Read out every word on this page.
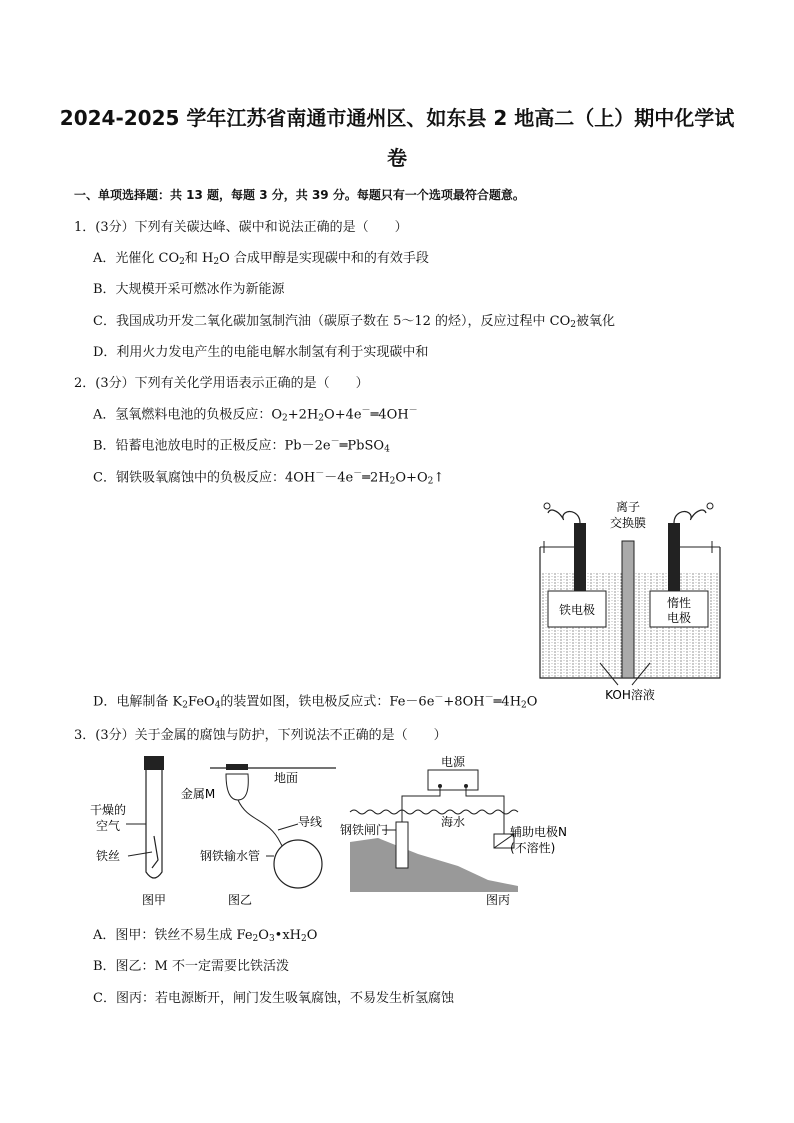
2024-2025 学年江苏省南通市通州区、如东县 2 地高二（上）期中化学试
卷
一、单项选择题：共 13 题，每题 3 分，共 39 分。每题只有一个选项最符合题意。
1．(3分）下列有关碳达峰、碳中和说法正确的是（　　）
A．光催化 $CO_2$和 $H_2O$ 合成甲醇是实现碳中和的有效手段
B．大规模开采可燃冰作为新能源
C．我国成功开发二氧化碳加氢制汽油（碳原子数在 5～12 的烃），反应过程中 $CO_2$被氧化
D．利用火力发电产生的电能电解水制氢有利于实现碳中和
2．(3分）下列有关化学用语表示正确的是（　　）
A．氢氧燃料电池的负极反应：$O_2+2H_2O+4e^-═4OH^-$
B．铅蓄电池放电时的正极反应：Pb－2e－═PbSO$_4$
C．钢铁吸氧腐蚀中的负极反应：$4OH^--4e^-═2H_2O+O_2↑$
离子
交换膜
铁电极	惰性
电极
KOH溶液
D．电解制备 $K_2FeO_4$的装置如图，铁电极反应式：$Fe-6e^-+8OH^-═4H_2O$
3．(3分）关于金属的腐蚀与防护，下列说法不正确的是（　　）
干燥的
空气
铁丝
图甲
金属M
地面
导线
钢铁输水管
图乙
电源
海水
钢铁闸门	辅助电极N
(不溶性)
图丙
A．图甲：铁丝不易生成 $Fe_2O_3•xH_2O$
B．图乙：M 不一定需要比铁活泼
C．图丙：若电源断开，闸门发生吸氧腐蚀，不易发生析氢腐蚀
